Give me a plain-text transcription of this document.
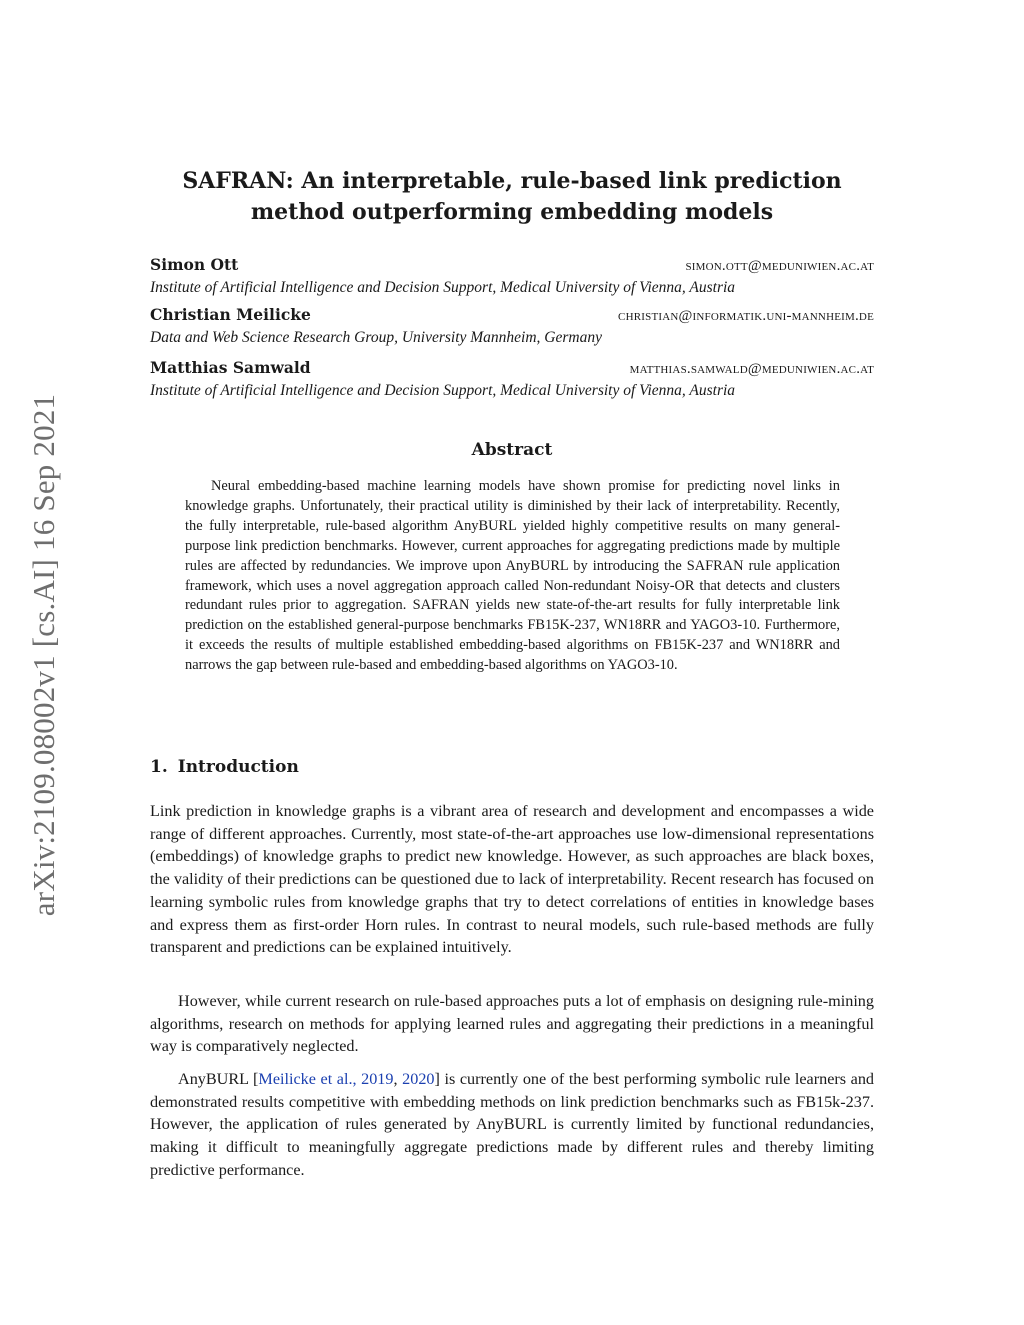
arXiv:2109.08002v1 [cs.AI] 16 Sep 2021
SAFRAN: An interpretable, rule-based link prediction
method outperforming embedding models
Simon Ott	simon.ott@meduniwien.ac.at
Institute of Artificial Intelligence and Decision Support, Medical University of Vienna, Austria
Christian Meilicke	christian@informatik.uni-mannheim.de
Data and Web Science Research Group, University Mannheim, Germany
Matthias Samwald	matthias.samwald@meduniwien.ac.at
Institute of Artificial Intelligence and Decision Support, Medical University of Vienna, Austria
Abstract
Neural embedding-based machine learning models have shown promise for predicting novel links in knowledge graphs. Unfortunately, their practical utility is diminished by their lack of interpretability. Recently, the fully interpretable, rule-based algorithm AnyBURL yielded highly competitive results on many general-purpose link prediction benchmarks. However, current approaches for aggregating predictions made by multiple rules are affected by redundancies. We improve upon AnyBURL by introducing the SAFRAN rule application framework, which uses a novel aggregation approach called Non-redundant Noisy-OR that detects and clusters redundant rules prior to aggregation. SAFRAN yields new state-of-the-art results for fully interpretable link prediction on the established general-purpose benchmarks FB15K-237, WN18RR and YAGO3-10. Furthermore, it exceeds the results of multiple established embedding-based algorithms on FB15K-237 and WN18RR and narrows the gap between rule-based and embedding-based algorithms on YAGO3-10.
1. Introduction
Link prediction in knowledge graphs is a vibrant area of research and development and encompasses a wide range of different approaches. Currently, most state-of-the-art approaches use low-dimensional representations (embeddings) of knowledge graphs to predict new knowledge. However, as such approaches are black boxes, the validity of their predictions can be questioned due to lack of interpretability. Recent research has focused on learning symbolic rules from knowledge graphs that try to detect correlations of entities in knowledge bases and express them as first-order Horn rules. In contrast to neural models, such rule-based methods are fully transparent and predictions can be explained intuitively.
However, while current research on rule-based approaches puts a lot of emphasis on designing rule-mining algorithms, research on methods for applying learned rules and aggregating their predictions in a meaningful way is comparatively neglected.
AnyBURL [Meilicke et al., 2019, 2020] is currently one of the best performing symbolic rule learners and demonstrated results competitive with embedding methods on link prediction benchmarks such as FB15k-237. However, the application of rules generated by AnyBURL is currently limited by functional redundancies, making it difficult to meaningfully aggregate predictions made by different rules and thereby limiting predictive performance.
